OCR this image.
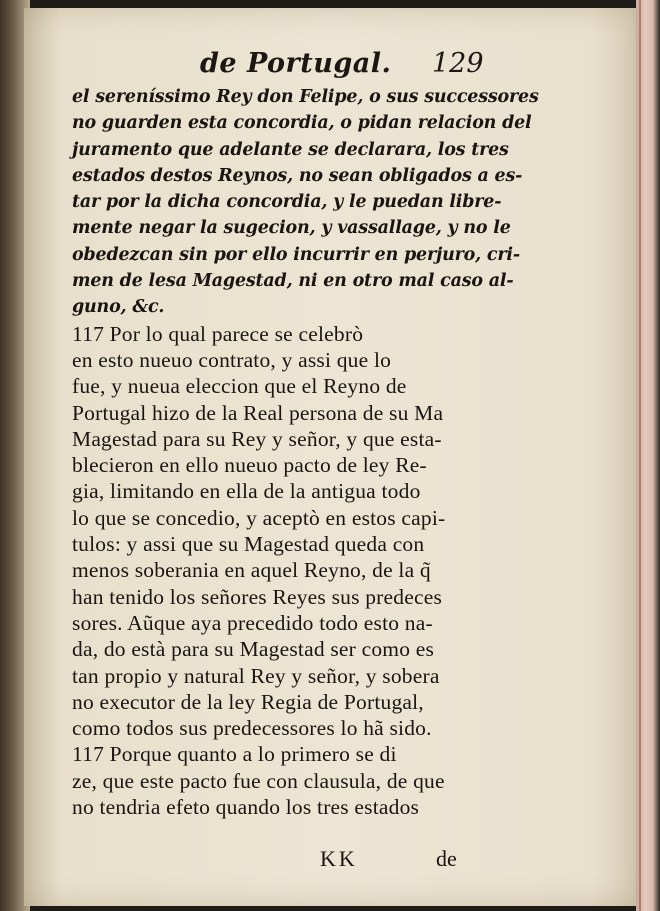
de Portugal. 129
el sereníssimo Rey don Felipe, o sus successores
no guarden esta concordia, o pidan relacion del
juramento que adelante se declarara, los tres
estados destos Reynos, no sean obligados a es-
tar por la dicha concordia, y le puedan libre-
mente negar la sugecion, y vassallage, y no le
obedezcan sin por ello incurrir en perjuro, cri-
men de lesa Magestad, ni en otro mal caso al-
guno, &c.
117 Por lo qual parece se celebrò
en esto nueuo contrato, y assi que lo
fue, y nueua eleccion que el Reyno de
Portugal hizo de la Real persona de su Ma
Magestad para su Rey y señor, y que esta-
blecieron en ello nueuo pacto de ley Re-
gia, limitando en ella de la antigua todo
lo que se concedio, y aceptò en estos capi-
tulos: y assi que su Magestad queda con
menos soberania en aquel Reyno, de la q̃
han tenido los señores Reyes sus predeces
sores. Aũque aya precedido todo esto na-
da, do està para su Magestad ser como es
tan propio y natural Rey y señor, y sobera
no executor de la ley Regia de Portugal,
como todos sus predecessores lo hã sido.
117 Porque quanto a lo primero se di
ze, que este pacto fue con clausula, de que
no tendria efeto quando los tres estados
KK	de
